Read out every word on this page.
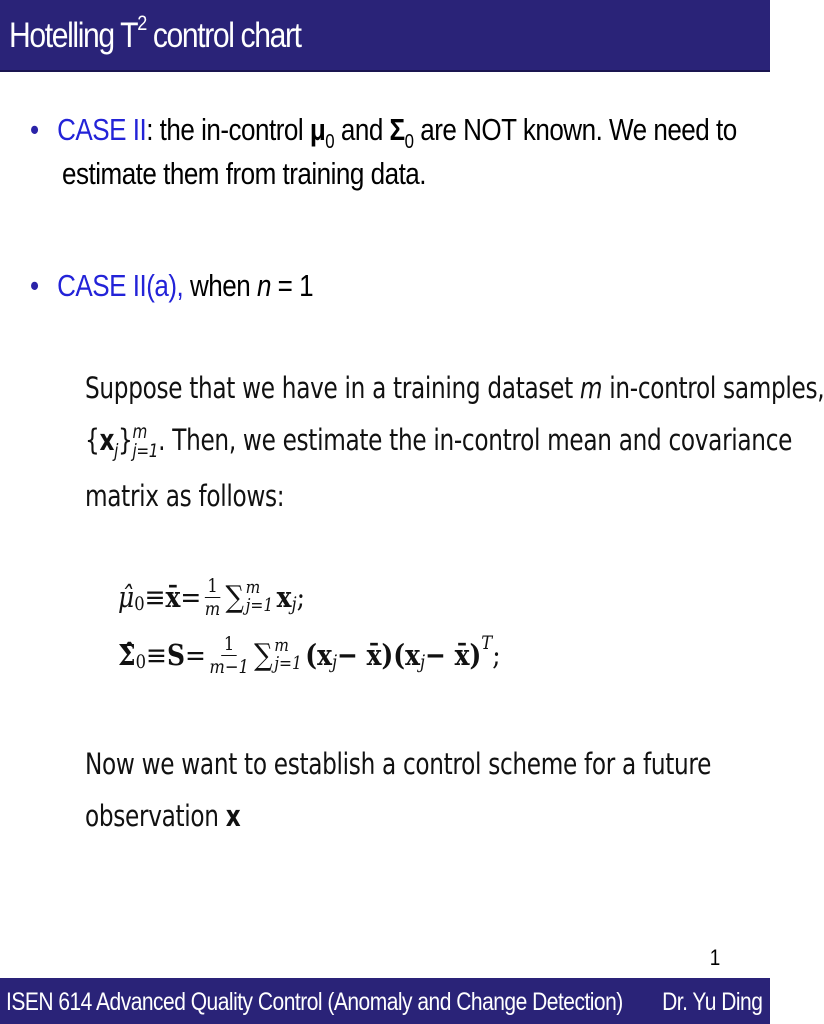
Hotelling $T^2$ control chart
• CASE II: the in-control $\mu_0$ and $\Sigma_0$ are NOT known. We need to
estimate them from training data.
• CASE II(a), when n = 1
Suppose that we have in a training dataset m in-control samples,
$\{x_j\}$ m
j=1 . Then, we estimate the in-control mean and covariance
matrix as follows:
μ̂ 0 ≡ x̄ = $\frac{1}{m}$ ∑ m
j=1 x j ;
Σ̂ $0 \equiv S = \frac{1}{m-1}$ ∑ m
j=1 (x j − x̄)(x j − x̄) T ;
Now we want to establish a control scheme for a future
observation x
1
ISEN 614 Advanced Quality Control (Anomaly and Change Detection) Dr. Yu Ding
